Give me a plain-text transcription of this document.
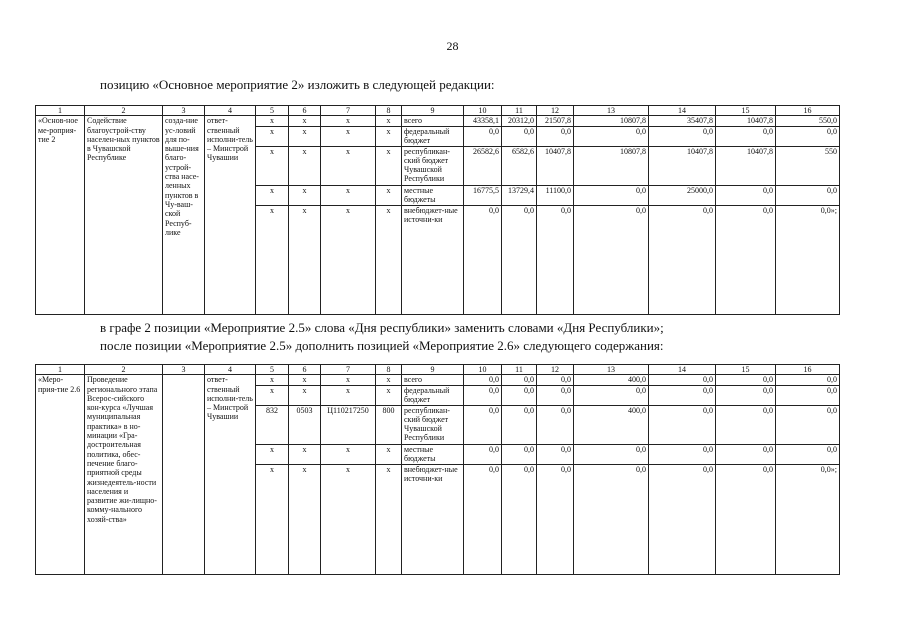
28
позицию «Основное мероприятие 2» изложить в следующей редакции:
1	2	3	4	5	6	7	8	9	10	11	12	13	14	15	16
«Основ-ное ме-роприя-тие 2	Содействие благоустрой-ству населен-ных пунктов в Чувашской Республике	созда-ние ус-ловий для по-выше-ния благо-устрой-ства насе-ленных пунктов в Чу-ваш-ской Респуб-лике	ответ-ственный исполни-тель – Минстрой Чувашии	х	х	х	х	всего	43358,1	20312,0	21507,8	10807,8	35407,8	10407,8	550,0
				х	х	х	х	федеральный бюджет	0,0	0,0	0,0	0,0	0,0	0,0	0,0
				х	х	х	х	республикан-ский бюджет Чувашской Республики	26582,6	6582,6	10407,8	10807,8	10407,8	10407,8	550
				х	х	х	х	местные бюджеты	16775,5	13729,4	11100,0	0,0	25000,0	0,0	0,0
				х	х	х	х	внебюджет-ные источни-ки	0,0	0,0	0,0	0,0	0,0	0,0	0,0»;
в графе 2 позиции «Мероприятие 2.5» слова «Дня республики» заменить словами «Дня Республики»;
после позиции «Мероприятие 2.5» дополнить позицией «Мероприятие 2.6» следующего содержания:
1	2	3	4	5	6	7	8	9	10	11	12	13	14	15	16
«Меро-прия-тие 2.6	Проведение регионального этапа Всерос-сийского кон-курса «Лучшая муниципальная практика» в но-минации «Гра-достроительная политика, обес-печение благо-приятной среды жизнедеятель-ности населения и развитие жи-лищно-комму-нального хозяй-ства»		ответ-ственный исполни-тель – Минстрой Чувашии	х	х	х	х	всего	0,0	0,0	0,0	400,0	0,0	0,0	0,0
				х	х	х	х	федеральный бюджет	0,0	0,0	0,0	0,0	0,0	0,0	0,0
				832	0503	Ц110217250	800	республикан-ский бюджет Чувашской Республики	0,0	0,0	0,0	400,0	0,0	0,0	0,0
				х	х	х	х	местные бюджеты	0,0	0,0	0,0	0,0	0,0	0,0	0,0
				х	х	х	х	внебюджет-ные источни-ки	0,0	0,0	0,0	0,0	0,0	0,0	0,0»;
